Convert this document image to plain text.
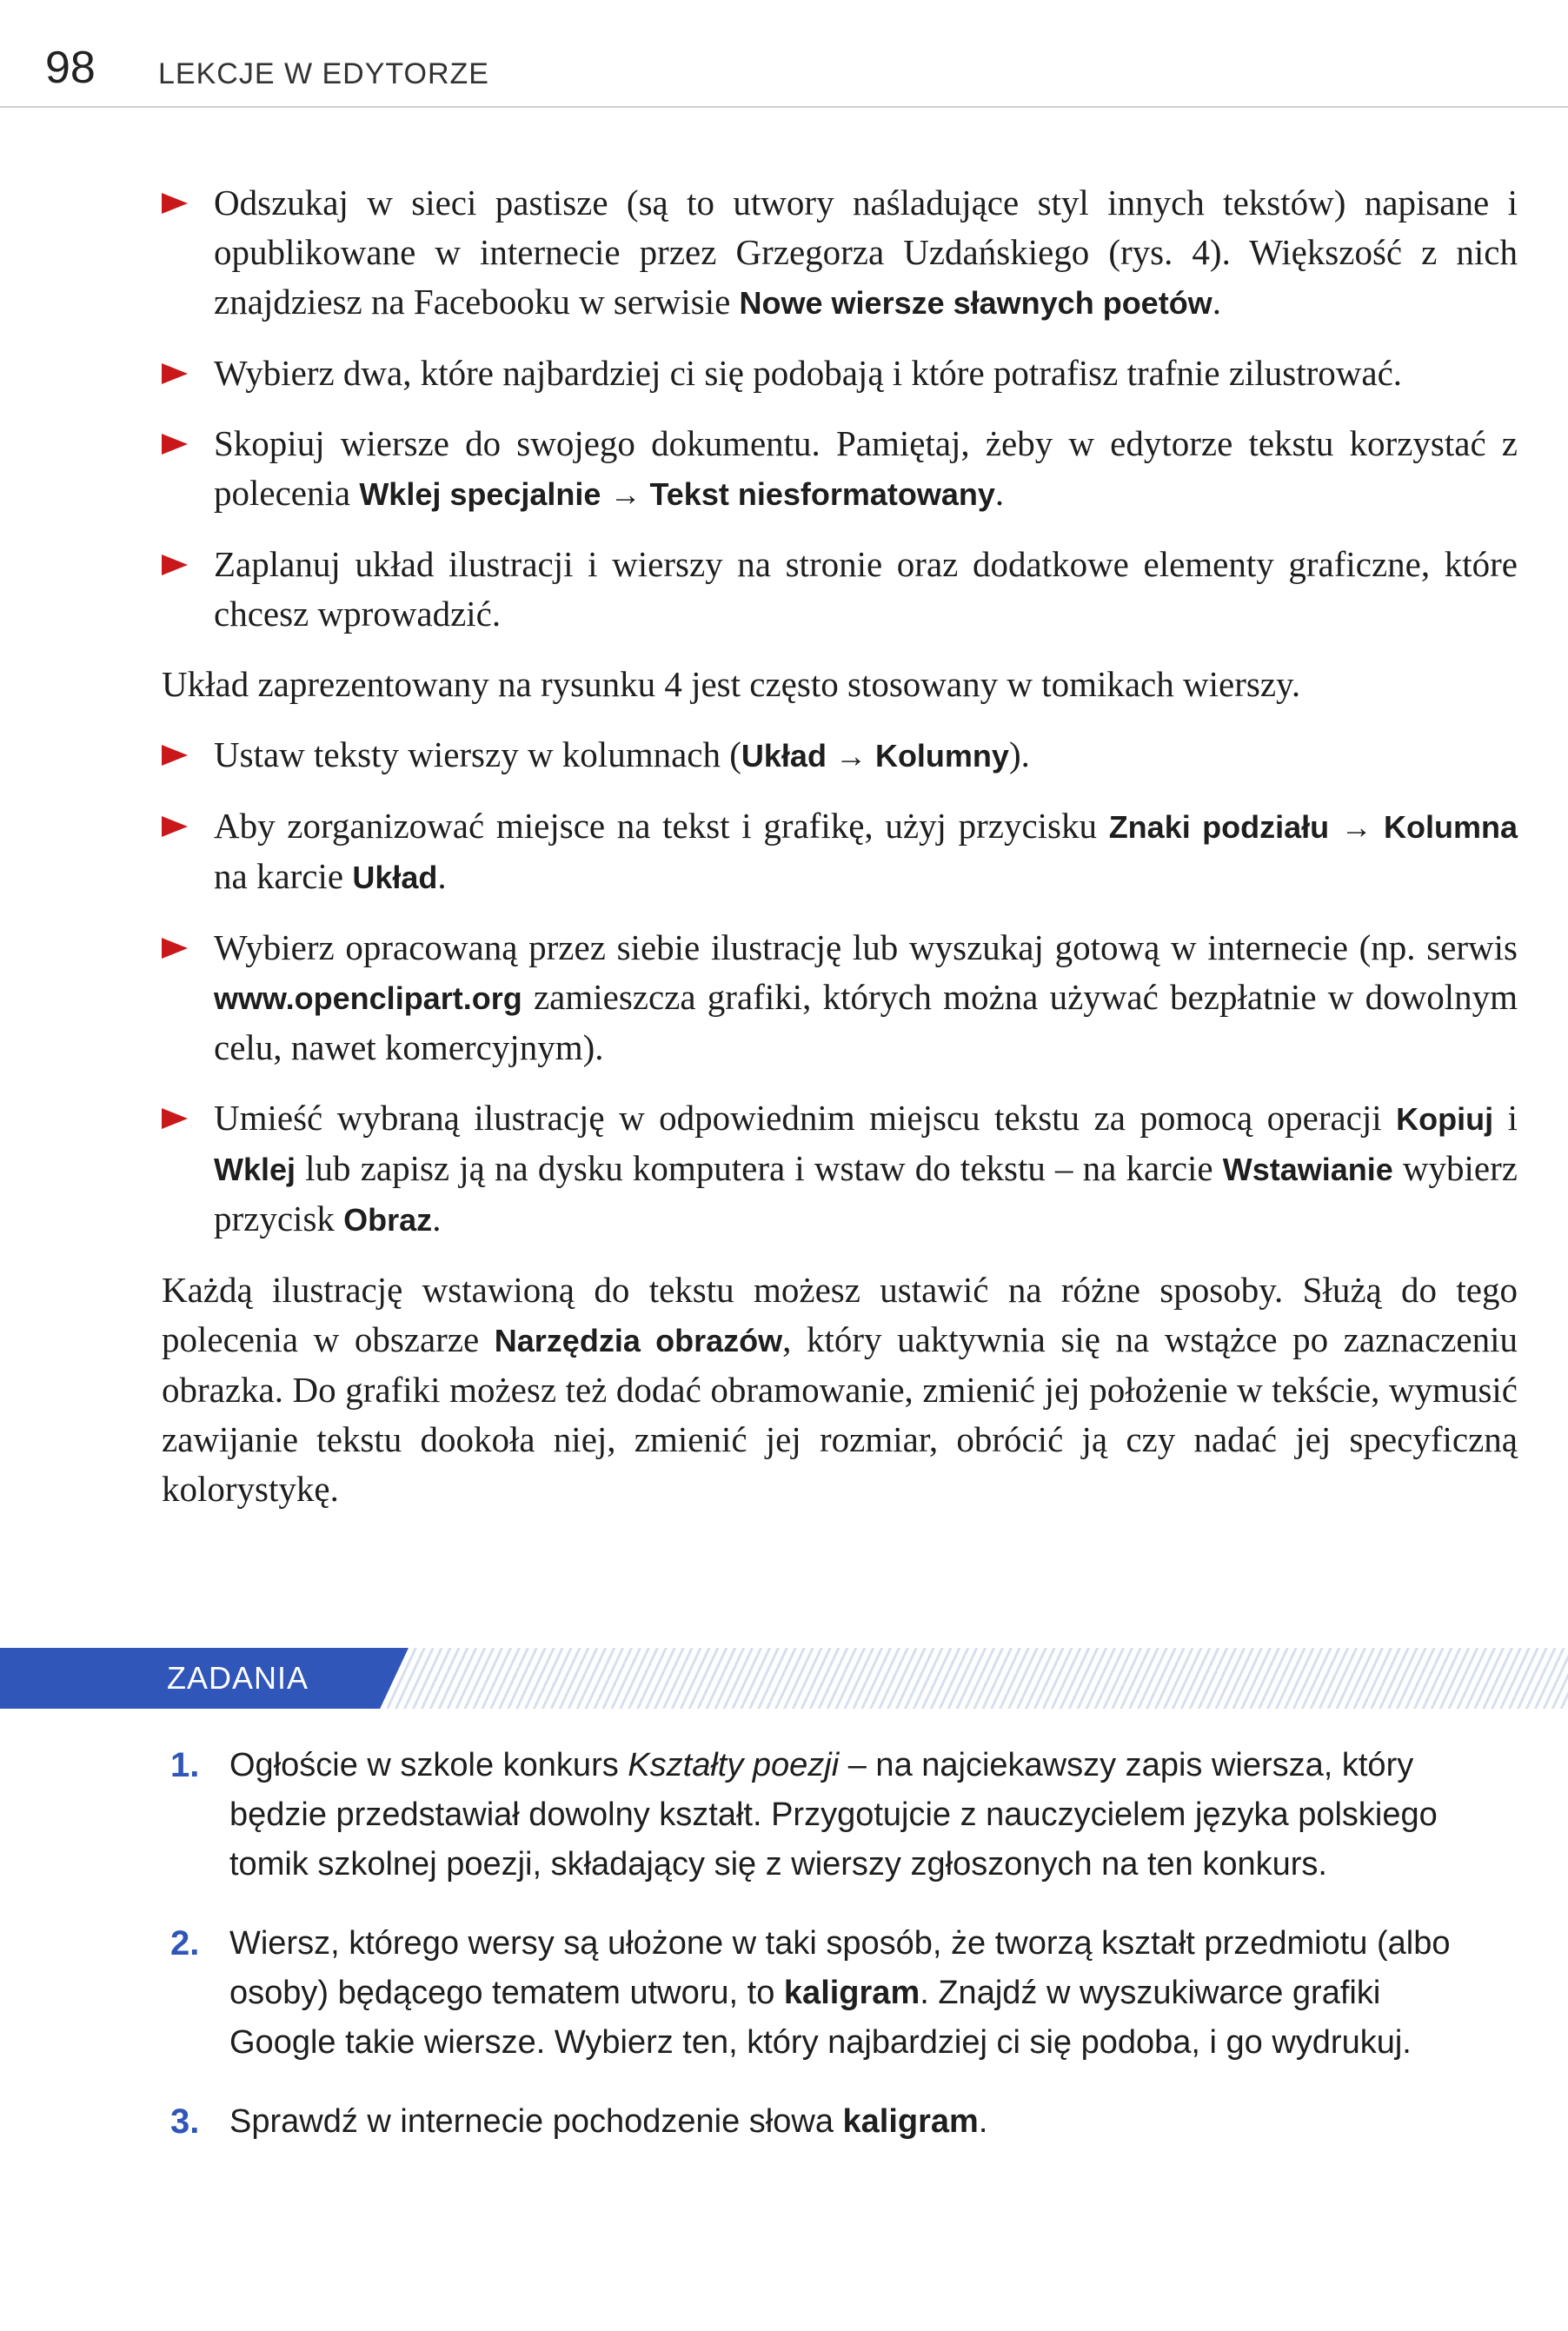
98 LEKCJE W EDYTORZE
Odszukaj w sieci pastisze (są to utwory naśladujące styl innych tekstów) napisane i opublikowane w internecie przez Grzegorza Uzdańskiego (rys. 4). Większość z nich znajdziesz na Facebooku w serwisie Nowe wiersze sławnych poetów.
Wybierz dwa, które najbardziej ci się podobają i które potrafisz trafnie zilustrować.
Skopiuj wiersze do swojego dokumentu. Pamiętaj, żeby w edytorze tekstu korzystać z polecenia Wklej specjalnie → Tekst niesformatowany.
Zaplanuj układ ilustracji i wierszy na stronie oraz dodatkowe elementy graficzne, które chcesz wprowadzić.

Układ zaprezentowany na rysunku 4 jest często stosowany w tomikach wierszy.

Ustaw teksty wierszy w kolumnach (Układ → Kolumny).
Aby zorganizować miejsce na tekst i grafikę, użyj przycisku Znaki podziału → Kolumna na karcie Układ.
Wybierz opracowaną przez siebie ilustrację lub wyszukaj gotową w internecie (np. serwis www.openclipart.org zamieszcza grafiki, których można używać bezpłatnie w dowolnym celu, nawet komercyjnym).
Umieść wybraną ilustrację w odpowiednim miejscu tekstu za pomocą operacji Kopiuj i Wklej lub zapisz ją na dysku komputera i wstaw do tekstu – na karcie Wstawianie wybierz przycisk Obraz.

Każdą ilustrację wstawioną do tekstu możesz ustawić na różne sposoby. Służą do tego polecenia w obszarze Narzędzia obrazów, który uaktywnia się na wstążce po zaznaczeniu obrazka. Do grafiki możesz też dodać obramowanie, zmienić jej położenie w tekście, wymusić zawijanie tekstu dookoła niej, zmienić jej rozmiar, obrócić ją czy nadać jej specyficzną kolorystykę.

ZADANIA
1. Ogłoście w szkole konkurs Kształty poezji – na najciekawszy zapis wiersza, który będzie przedstawiał dowolny kształt. Przygotujcie z nauczycielem języka polskiego tomik szkolnej poezji, składający się z wierszy zgłoszonych na ten konkurs.
2. Wiersz, którego wersy są ułożone w taki sposób, że tworzą kształt przedmiotu (albo osoby) będącego tematem utworu, to kaligram. Znajdź w wyszukiwarce grafiki Google takie wiersze. Wybierz ten, który najbardziej ci się podoba, i go wydrukuj.
3. Sprawdź w internecie pochodzenie słowa kaligram.
